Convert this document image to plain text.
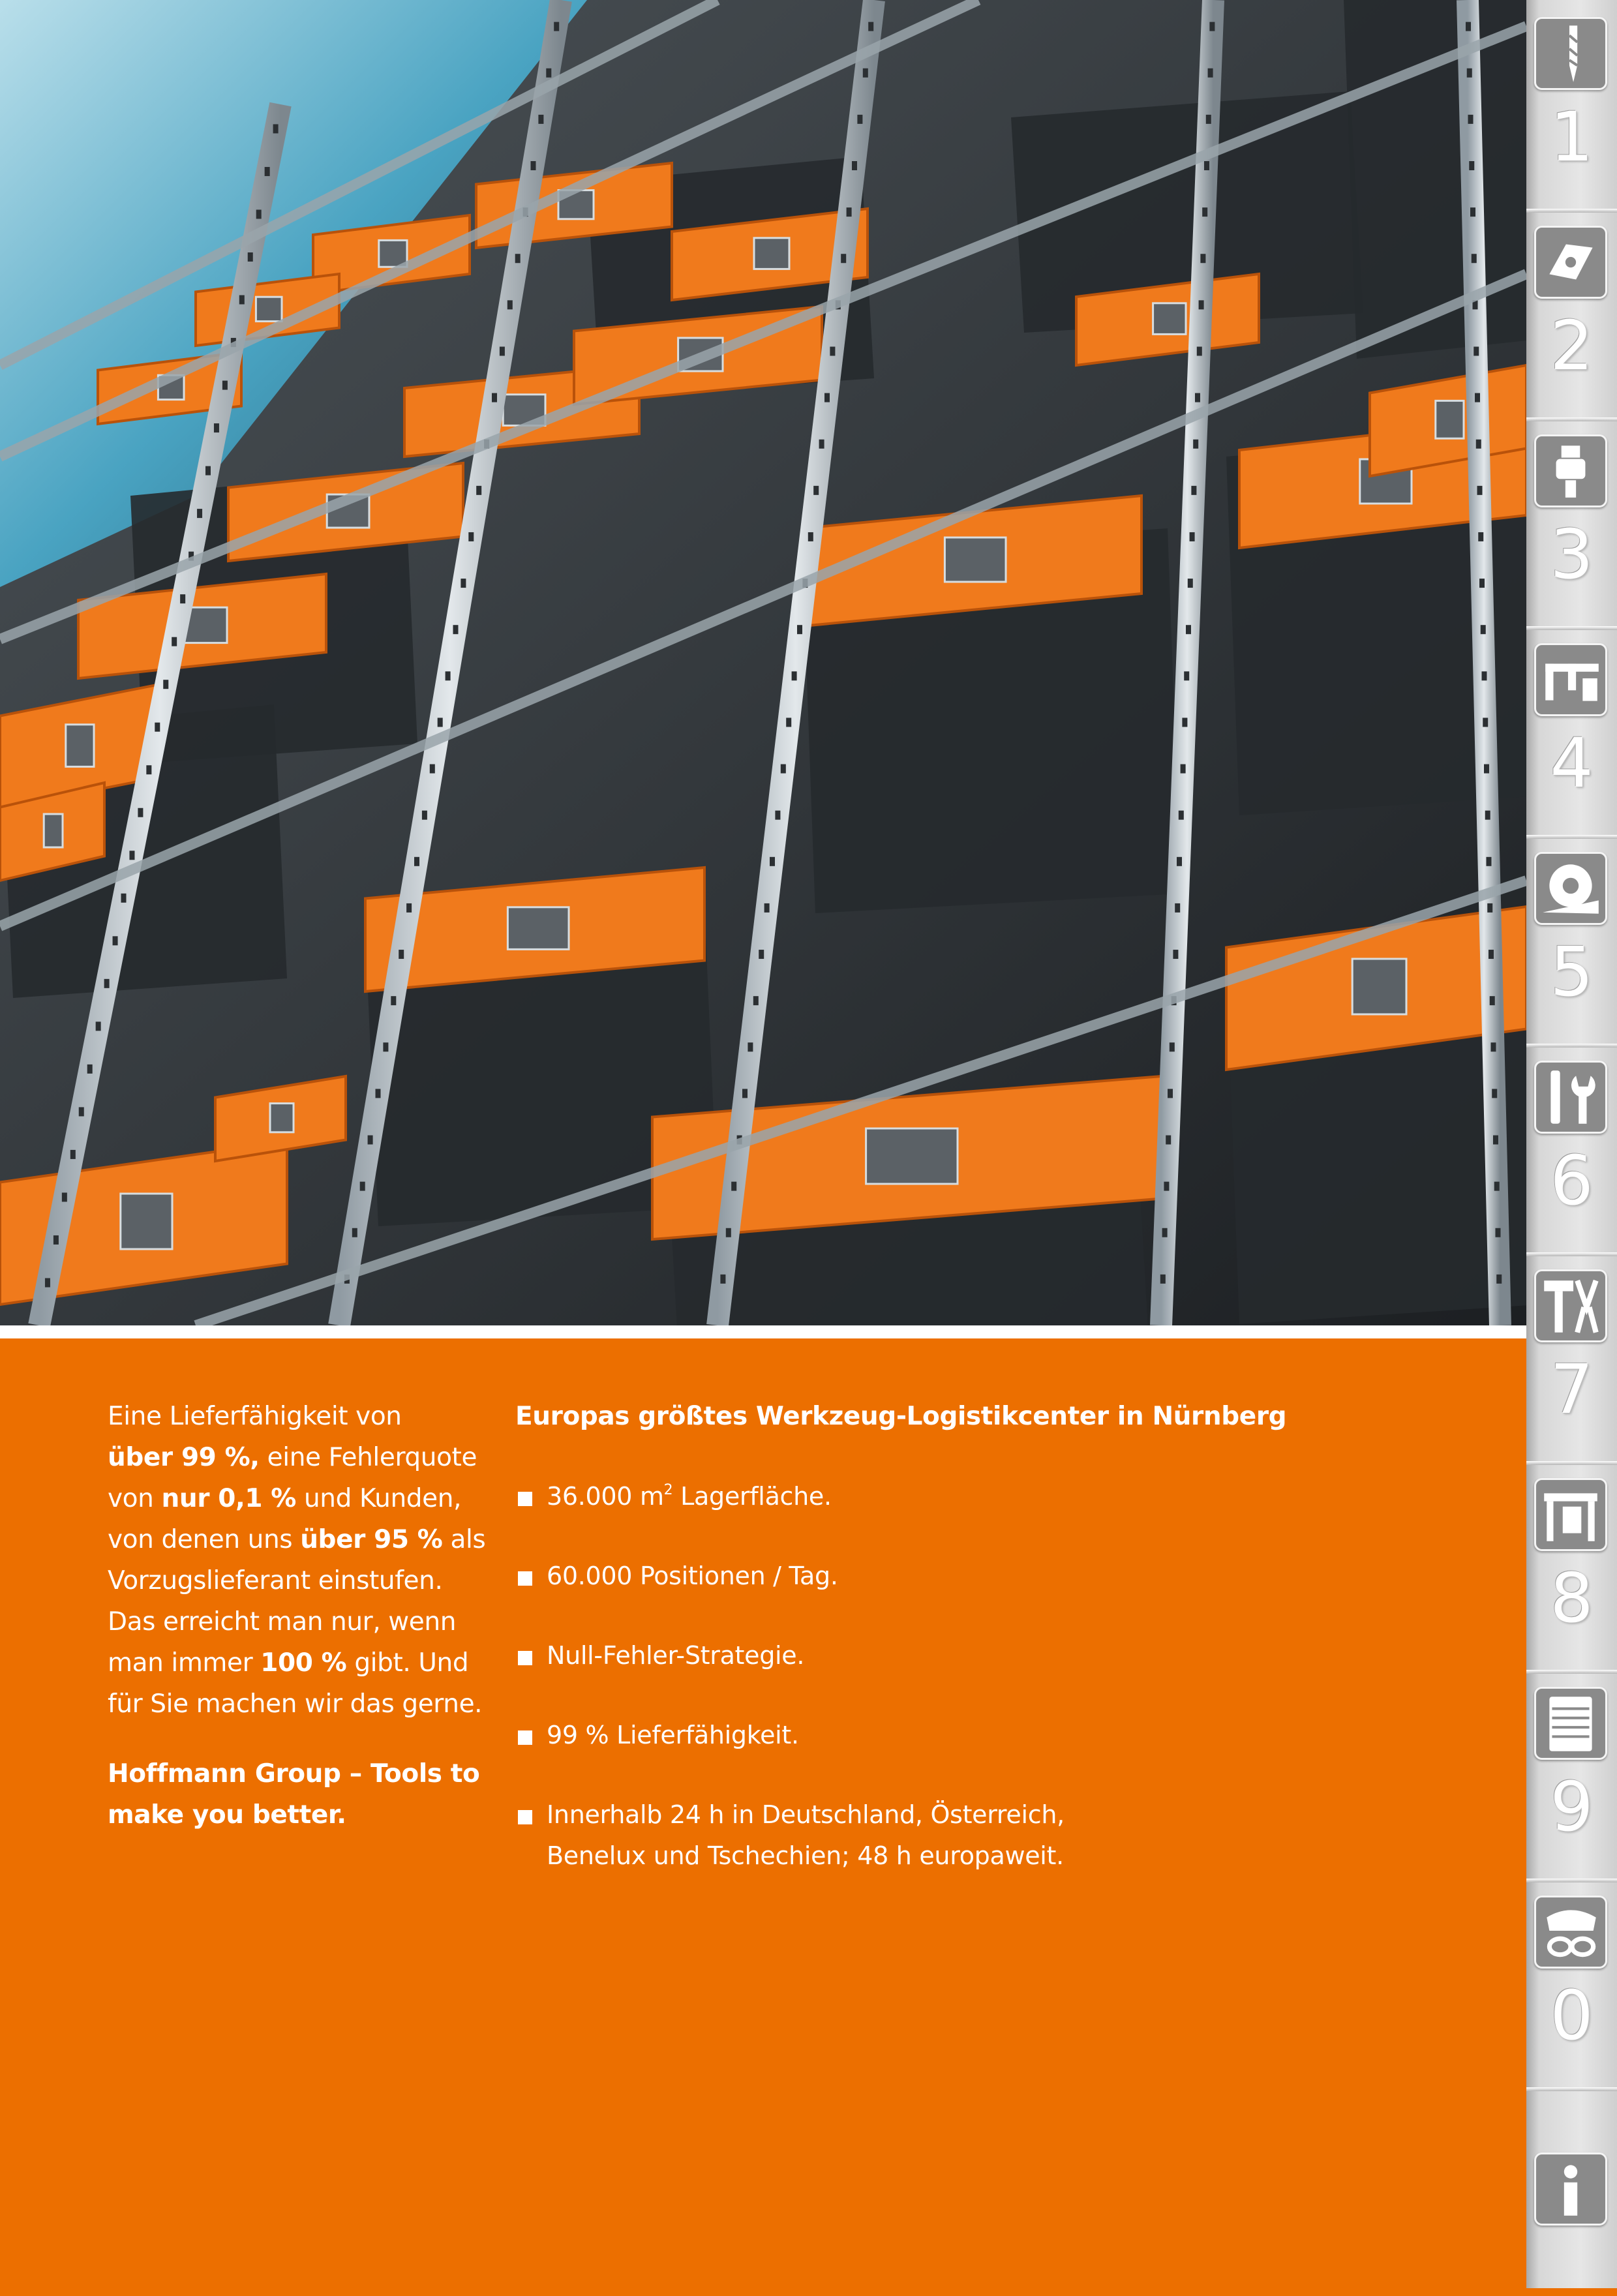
Eine Lieferfähigkeit von
über 99 %, eine Fehlerquote
von nur 0,1 % und Kunden,
von denen uns über 95 % als
Vorzugslieferant einstufen.
Das erreicht man nur, wenn
man immer 100 % gibt. Und
für Sie machen wir das gerne.
Hoffmann Group – Tools to
make you better.
Europas größtes Werkzeug-Logistikcenter in Nürnberg
36.000 $m^2$ Lagerfläche.
60.000 Positionen / Tag.
Null-Fehler-Strategie.
99 % Lieferfähigkeit.
Innerhalb 24 h in Deutschland, Österreich,
Benelux und Tschechien; 48 h europaweit.
1
2
3
4
5
6
7
8
9
0
